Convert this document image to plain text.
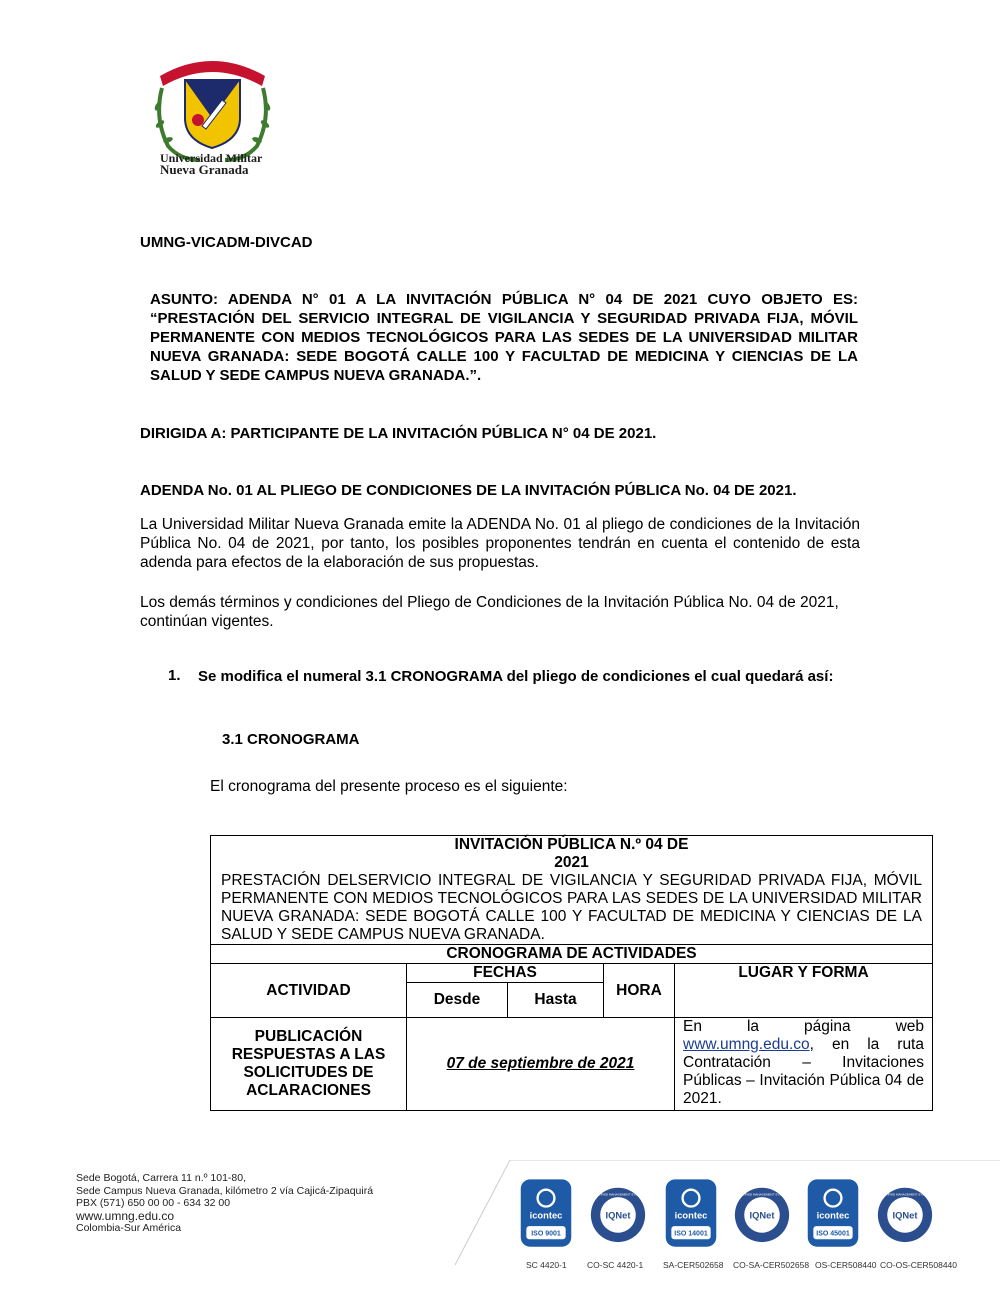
Universidad Militar
Nueva Granada
UMNG-VICADM-DIVCAD
ASUNTO: ADENDA N° 01 A LA INVITACIÓN PÚBLICA N° 04 DE 2021 CUYO OBJETO ES: “PRESTACIÓN DEL SERVICIO INTEGRAL DE VIGILANCIA Y SEGURIDAD PRIVADA FIJA, MÓVIL PERMANENTE CON MEDIOS TECNOLÓGICOS PARA LAS SEDES DE LA UNIVERSIDAD MILITAR NUEVA GRANADA: SEDE BOGOTÁ CALLE 100 Y FACULTAD DE MEDICINA Y CIENCIAS DE LA SALUD Y SEDE CAMPUS NUEVA GRANADA.”.
DIRIGIDA A: PARTICIPANTE DE LA INVITACIÓN PÚBLICA N° 04 DE 2021.
ADENDA No. 01 AL PLIEGO DE CONDICIONES DE LA INVITACIÓN PÚBLICA No. 04 DE 2021.
La Universidad Militar Nueva Granada emite la ADENDA No. 01 al pliego de condiciones de la Invitación Pública No. 04 de 2021, por tanto, los posibles proponentes tendrán en cuenta el contenido de esta adenda para efectos de la elaboración de sus propuestas.
Los demás términos y condiciones del Pliego de Condiciones de la Invitación Pública No. 04 de 2021, continúan vigentes.
1. Se modifica el numeral 3.1 CRONOGRAMA del pliego de condiciones el cual quedará así:
3.1 CRONOGRAMA
El cronograma del presente proceso es el siguiente:
INVITACIÓN PÚBLICA N.º 04 DE
2021
PRESTACIÓN DELSERVICIO INTEGRAL DE VIGILANCIA Y SEGURIDAD PRIVADA FIJA, MÓVIL PERMANENTE CON MEDIOS TECNOLÓGICOS PARA LAS SEDES DE LA UNIVERSIDAD MILITAR NUEVA GRANADA: SEDE BOGOTÁ CALLE 100 Y FACULTAD DE MEDICINA Y CIENCIAS DE LA SALUD Y SEDE CAMPUS NUEVA GRANADA.				

CRONOGRAMA DE ACTIVIDADES				
ACTIVIDAD	FECHAS		HORA	LUGAR Y FORMA
	Desde	Hasta		
PUBLICACIÓN RESPUESTAS A LAS SOLICITUDES DE ACLARACIONES	07 de septiembre de 2021			En la página web www.umng.edu.co, en la ruta Contratación – Invitaciones Públicas – Invitación Pública 04 de 2021.
Sede Bogotá, Carrera 11 n.º 101-80,
Sede Campus Nueva Granada, kilómetro 2 vía Cajicá-Zipaquirá
PBX (571) 650 00 00 - 634 32 00
www.umng.edu.co
Colombia-Sur América
icontec
ISO 9001
SC 4420-1
IQNet
CERTIFIED MANAGEMENT SYSTEM
CO-SC 4420-1
icontec
ISO 14001
SA-CER502658
IQNet
CERTIFIED MANAGEMENT SYSTEM
CO-SA-CER502658
icontec
ISO 45001
OS-CER508440
IQNet
CERTIFIED MANAGEMENT SYSTEM
CO-OS-CER508440
